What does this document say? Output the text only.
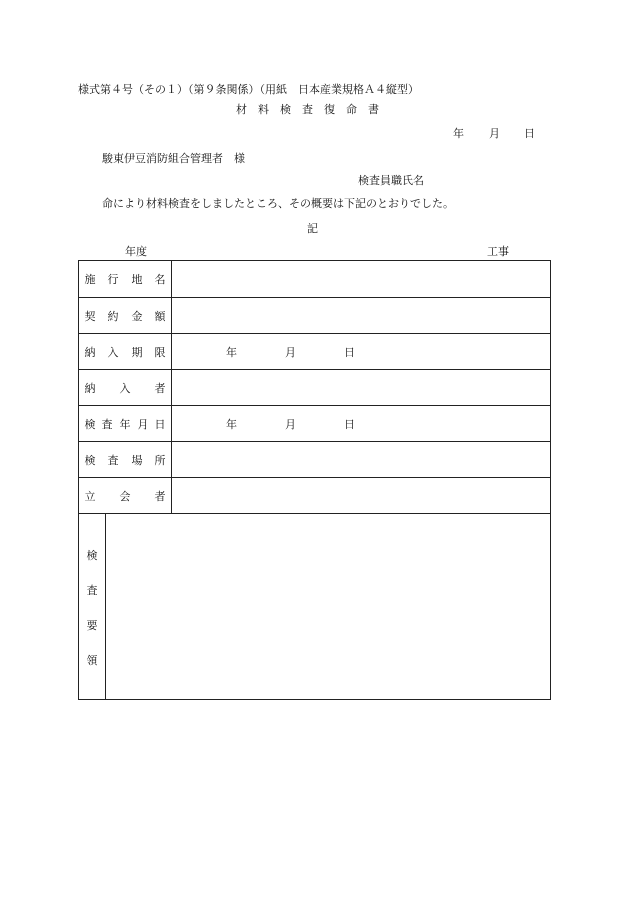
様式第４号（その１）（第９条関係）（用紙　日本産業規格Ａ４縦型）
材料検査復命書
年 月 日
駿東伊豆消防組合管理者　様
検査員職氏名
命により材料検査をしましたところ、その概要は下記のとおりでした。
記
年度	工事
施 行 地 名
契 約 金 額
納 入 期 限	年	月	日
納 入 者
検 査 年 月 日	年	月	日
検 査 場 所
立 会 者
検
査
要
領
